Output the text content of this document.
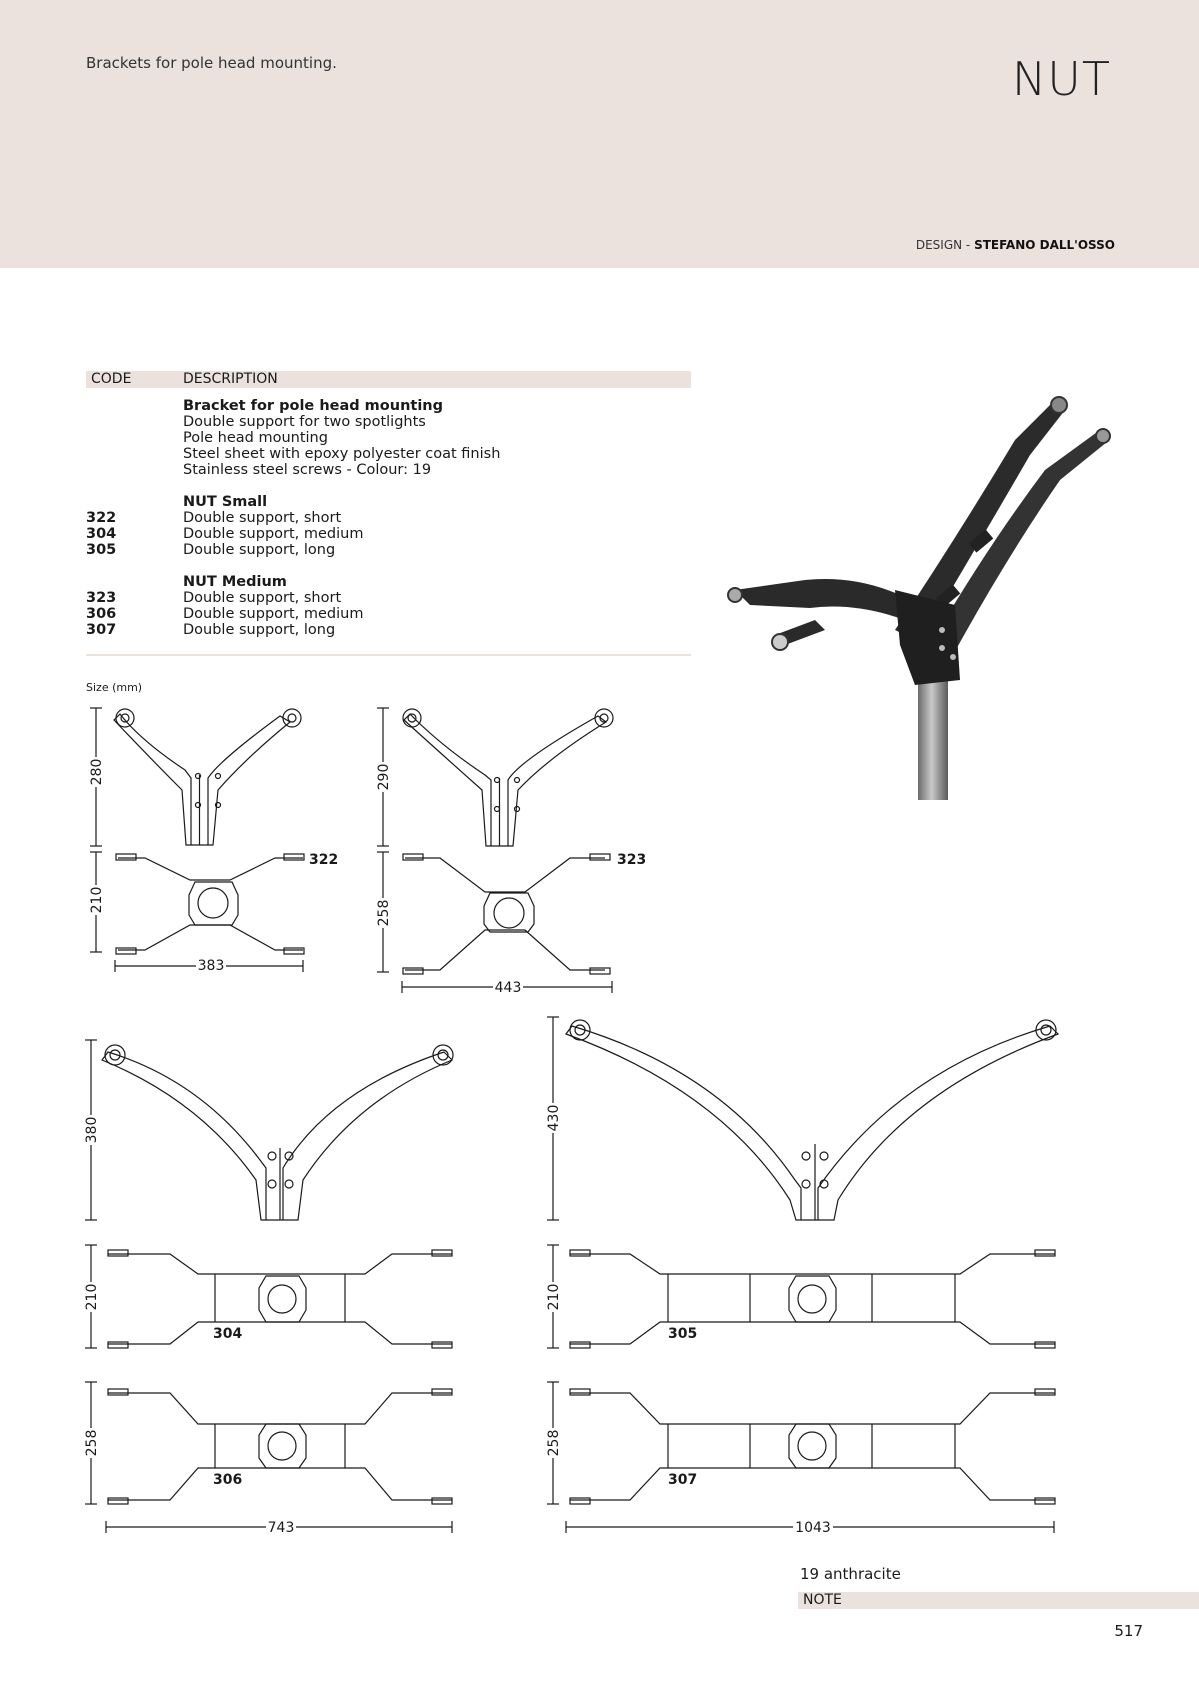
Brackets for pole head mounting.	NUT
DESIGN - STEFANO DALL'OSSO
CODE	DESCRIPTION
Bracket for pole head mounting
Double support for two spotlights
Pole head mounting
Steel sheet with epoxy polyester coat finish
Stainless steel screws - Colour: 19
NUT Small
322	Double support, short
304	Double support, medium
305	Double support, long
NUT Medium
323	Double support, short
306	Double support, medium
307	Double support, long
Size (mm)
280
210
383
322
290
258
443
323
380
210
258
743
304
306
430
210
258
1043
305
307
19 anthracite
NOTE
517
